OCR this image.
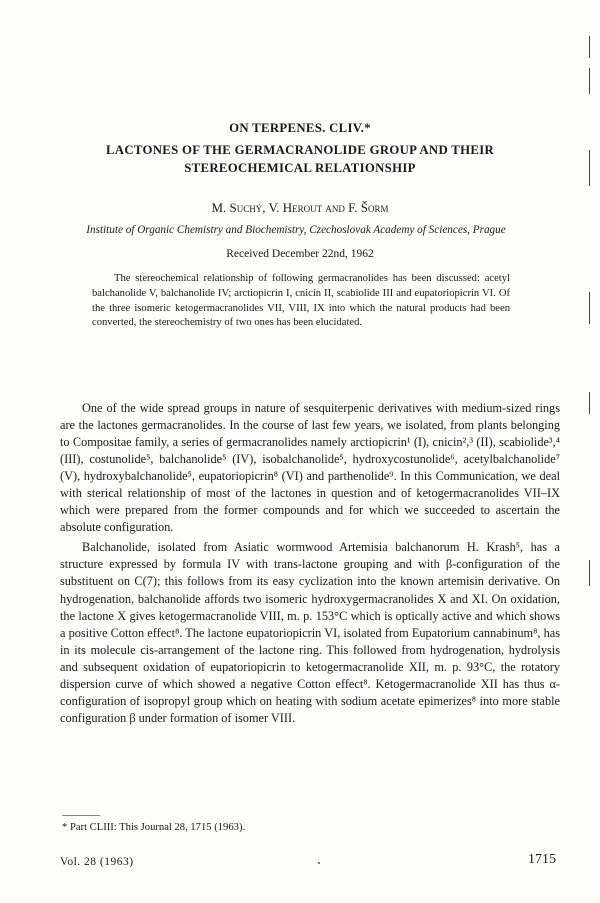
ON TERPENES. CLIV.*
LACTONES OF THE GERMACRANOLIDE GROUP AND THEIR
STEREOCHEMICAL RELATIONSHIP
M. Suchý, V. Herout and F. Šorm
Institute of Organic Chemistry and Biochemistry, Czechoslovak Academy of Sciences, Prague
Received December 22nd, 1962
The stereochemical relationship of following germacranolides has been discussed: acetyl balchanolide V, balchanolide IV; arctiopicrin I, cnicin II, scabiolide III and eupatoriopicrin VI. Of the three isomeric ketogermacranolides VII, VIII, IX into which the natural products had been converted, the stereochemistry of two ones has been elucidated.

One of the wide spread groups in nature of sesquiterpenic derivatives with medium-sized rings are the lactones germacranolides. In the course of last few years, we isolated, from plants belonging to Compositae family, a series of germacranolides namely arctiopicrin¹ (I), cnicin²,³ (II), scabiolide³,⁴ (III), costunolide⁵, balchanolide⁵ (IV), isobalchanolide⁵, hydroxycostunolide⁶, acetylbalchanolide⁷ (V), hydroxybalchanolide⁵, eupatoriopicrin⁸ (VI) and parthenolide⁹. In this Communication, we deal with sterical relationship of most of the lactones in question and of ketogermacranolides VII–IX which were prepared from the former compounds and for which we succeeded to ascertain the absolute configuration.

Balchanolide, isolated from Asiatic wormwood Artemisia balchanorum H. Krash⁵, has a structure expressed by formula IV with trans-lactone grouping and with β-configuration of the substituent on C(7); this follows from its easy cyclization into the known artemisin derivative. On hydrogenation, balchanolide affords two isomeric hydroxygermacranolides X and XI. On oxidation, the lactone X gives ketogermacranolide VIII, m. p. 153°C which is optically active and which shows a positive Cotton effect⁸. The lactone eupatoriopicrin VI, isolated from Eupatorium cannabinum⁸, has in its molecule cis-arrangement of the lactone ring. This followed from hydrogenation, hydrolysis and subsequent oxidation of eupatoriopicrin to ketogermacranolide XII, m. p. 93°C, the rotatory dispersion curve of which showed a negative Cotton effect⁸. Ketogermacranolide XII has thus α-configuration of isopropyl group which on heating with sodium acetate epimerizes⁸ into more stable configuration β under formation of isomer VIII.

* Part CLIII: This Journal 28, 1715 (1963).
Vol. 28 (1963)	1715
